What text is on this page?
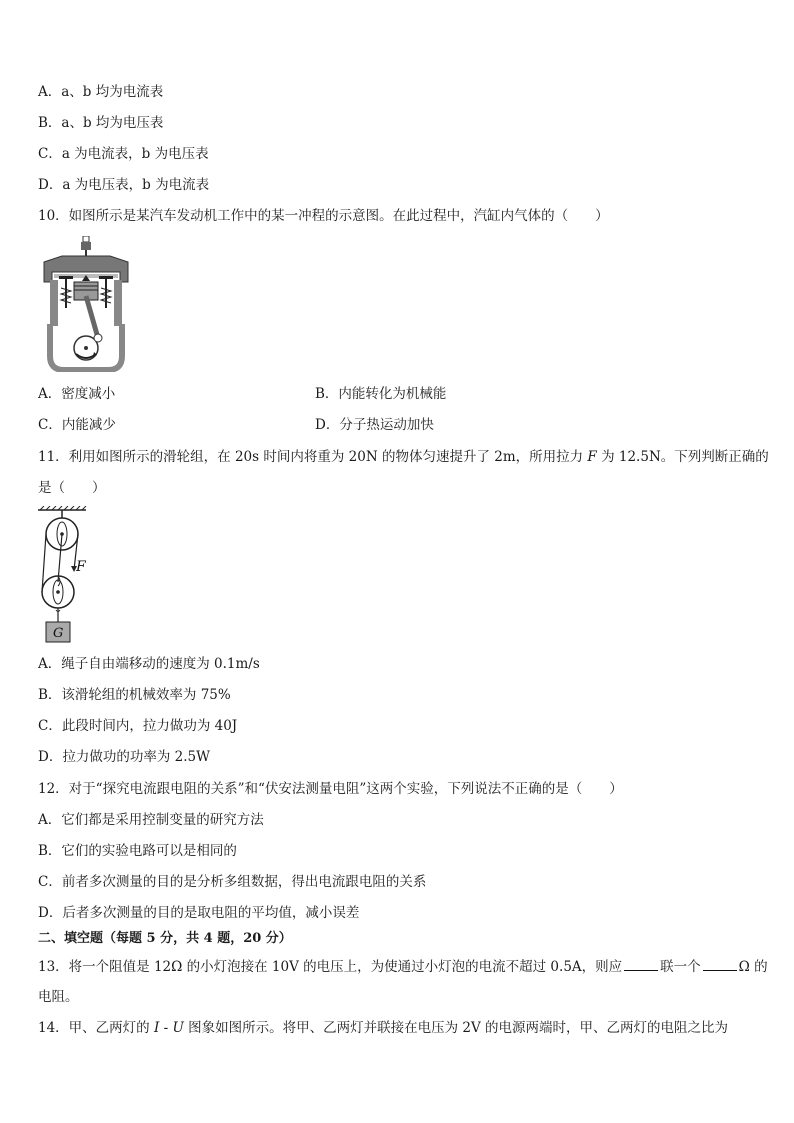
A．a、b 均为电流表
B．a、b 均为电压表
C．a 为电流表，b 为电压表
D．a 为电压表，b 为电流表
10．如图所示是某汽车发动机工作中的某一冲程的示意图。在此过程中，汽缸内气体的（　　）
A．密度减小	B．内能转化为机械能
C．内能减少	D．分子热运动加快
11．利用如图所示的滑轮组，在 20s 时间内将重为 20N 的物体匀速提升了 2m，所用拉力 F 为 12.5N。下列判断正确的
是（　　）
F
G
A．绳子自由端移动的速度为 0.1m/s
B．该滑轮组的机械效率为 75%
C．此段时间内，拉力做功为 40J
D．拉力做功的功率为 2.5W
12．对于“探究电流跟电阻的关系”和“伏安法测量电阻”这两个实验，下列说法不正确的是（　　）
A．它们都是采用控制变量的研究方法
B．它们的实验电路可以是相同的
C．前者多次测量的目的是分析多组数据，得出电流跟电阻的关系
D．后者多次测量的目的是取电阻的平均值，减小误差
二、填空题（每题 5 分，共 4 题，20 分）
13．将一个阻值是 12Ω 的小灯泡接在 10V 的电压上，为使通过小灯泡的电流不超过 0.5A，则应	联一个	Ω 的
电阻。
14．甲、乙两灯的 I - U 图象如图所示。将甲、乙两灯并联接在电压为 2V 的电源两端时，甲、乙两灯的电阻之比为
